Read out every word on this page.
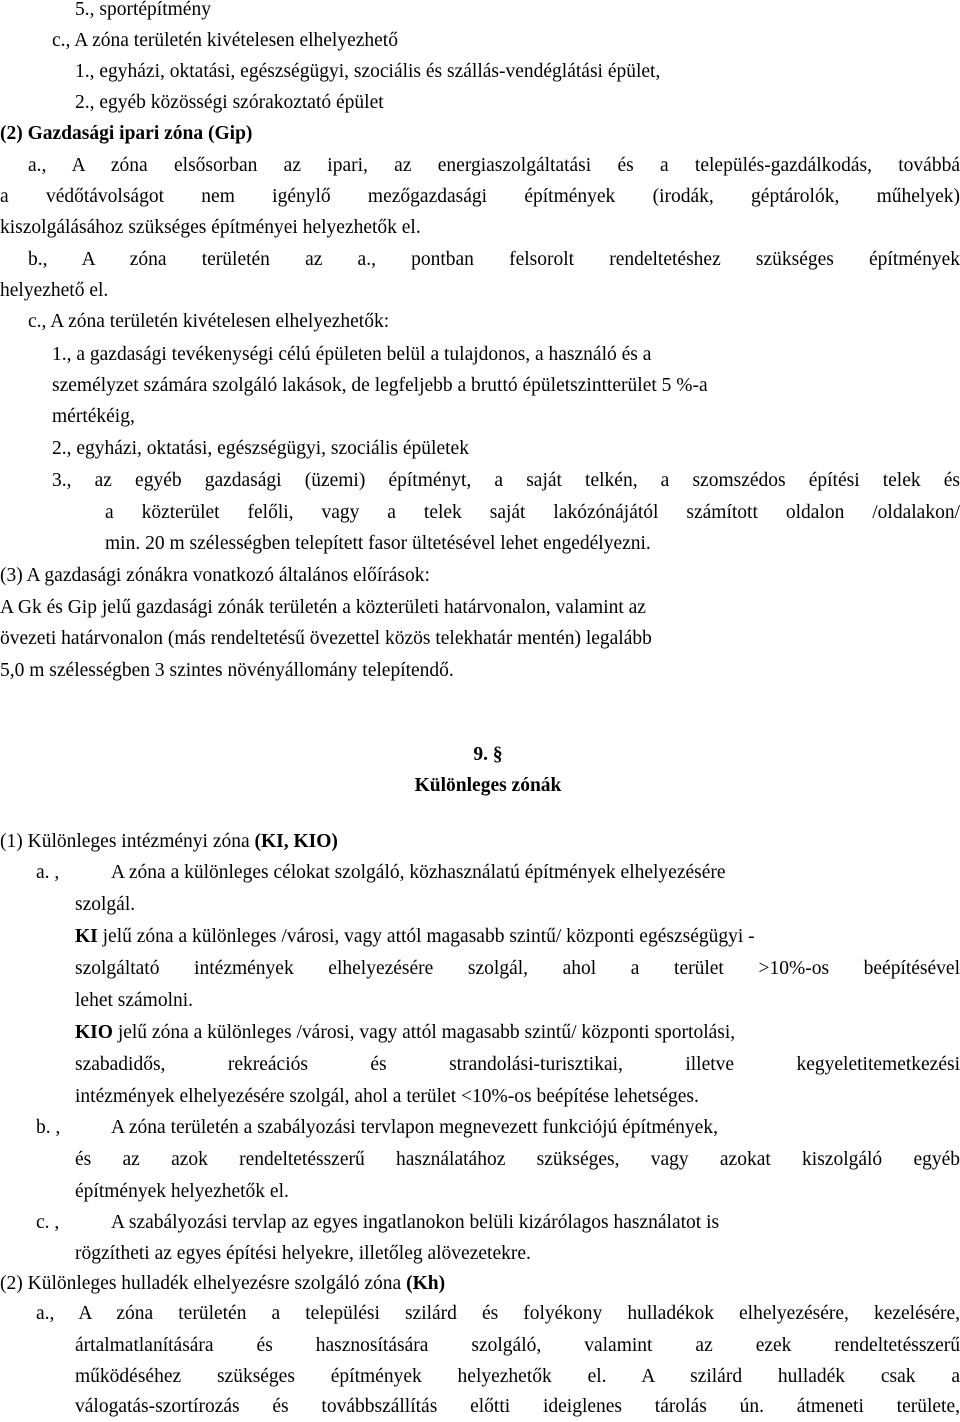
5., sportépítmény
c., A zóna területén kivételesen elhelyezhető
1., egyházi, oktatási, egészségügyi, szociális és szállás-vendéglátási épület,
2., egyéb közösségi szórakoztató épület
(2) Gazdasági ipari zóna (Gip)
a., A zóna elsősorban az ipari, az energiaszolgáltatási és a település-gazdálkodás, továbbá
a védőtávolságot nem igénylő mezőgazdasági építmények (irodák, géptárolók, műhelyek)
kiszolgálásához szükséges építményei helyezhetők el.
b., A zóna területén az a., pontban felsorolt rendeltetéshez szükséges építmények
helyezhető el.
c., A zóna területén kivételesen elhelyezhetők:
1., a gazdasági tevékenységi célú épületen belül a tulajdonos, a használó és a
személyzet számára szolgáló lakások, de legfeljebb a bruttó épületszintterület 5 %-a
mértékéig,
2., egyházi, oktatási, egészségügyi, szociális épületek
3., az egyéb gazdasági (üzemi) építményt, a saját telkén, a szomszédos építési telek és
a közterület felőli, vagy a telek saját lakózónájától számított oldalon /oldalakon/
min. 20 m szélességben telepített fasor ültetésével lehet engedélyezni.
(3) A gazdasági zónákra vonatkozó általános előírások:
A Gk és Gip jelű gazdasági zónák területén a közterületi határvonalon, valamint az
övezeti határvonalon (más rendeltetésű övezettel közös telekhatár mentén) legalább
5,0 m szélességben 3 szintes növényállomány telepítendő.
9. §
Különleges zónák
(1) Különleges intézményi zóna (KI, KIO)
a. ,	A zóna a különleges célokat szolgáló, közhasználatú építmények elhelyezésére
szolgál.
KI jelű zóna a különleges /városi, vagy attól magasabb szintű/ központi egészségügyi -
szolgáltató intézmények elhelyezésére szolgál, ahol a terület >10%-os beépítésével
lehet számolni.
KIO jelű zóna a különleges /városi, vagy attól magasabb szintű/ központi sportolási,
szabadidős, rekreációs és strandolási-turisztikai, illetve kegyeletitemetkezési
intézmények elhelyezésére szolgál, ahol a terület <10%-os beépítése lehetséges.
b. ,	A zóna területén a szabályozási tervlapon megnevezett funkciójú építmények,
és az azok rendeltetésszerű használatához szükséges, vagy azokat kiszolgáló egyéb
építmények helyezhetők el.
c. ,	A szabályozási tervlap az egyes ingatlanokon belüli kizárólagos használatot is
rögzítheti az egyes építési helyekre, illetőleg alövezetekre.
(2) Különleges hulladék elhelyezésre szolgáló zóna (Kh)
a., A zóna területén a települési szilárd és folyékony hulladékok elhelyezésére, kezelésére,
ártalmatlanítására és hasznosítására szolgáló, valamint az ezek rendeltetésszerű
működéséhez szükséges építmények helyezhetők el. A szilárd hulladék csak a
válogatás-szortírozás és továbbszállítás előtti ideiglenes tárolás ún. átmeneti területe,
